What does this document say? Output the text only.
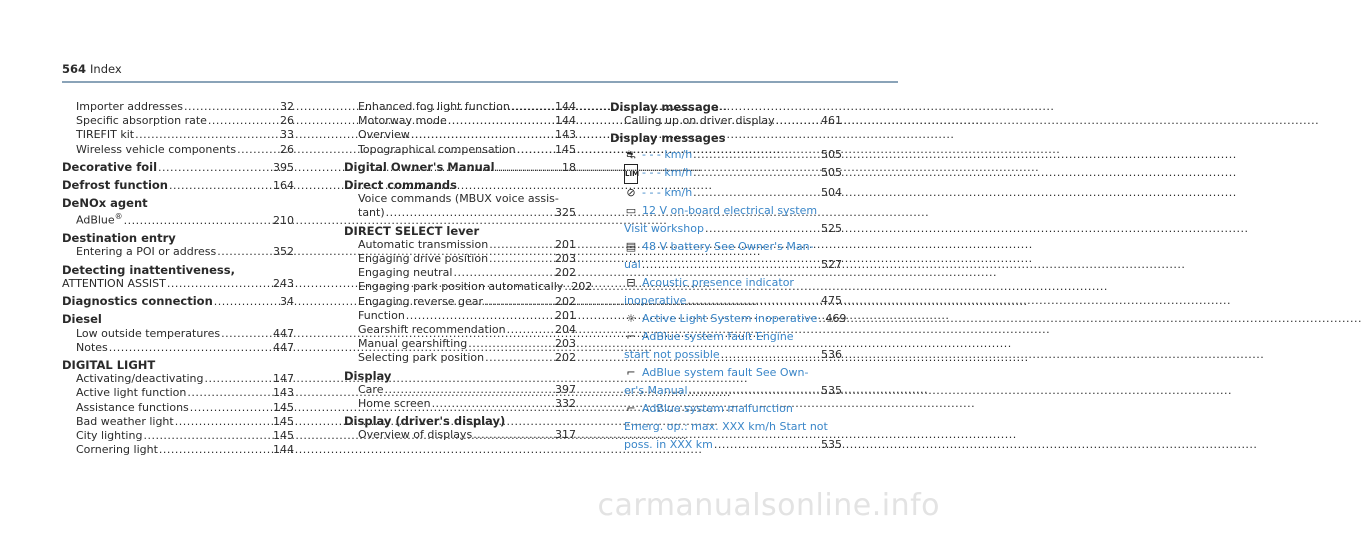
564 Index
Importer addresses .....	32
Specific absorption rate .....	26
TIREFIT kit .....	33
Wireless vehicle components .....	26
Decorative foil .....	395
Defrost function .....	164
DeNOx agent
AdBlue® .....	210
Destination entry
Entering a POI or address .....	352
Detecting inattentiveness,
ATTENTION ASSIST .....	243
Diagnostics connection .....	34
Diesel
Low outside temperatures .....	447
Notes .....	447
DIGITAL LIGHT
Activating/deactivating .....	147
Active light function .....	143
Assistance functions .....	145
Bad weather light .....	145
City lighting .....	145
Cornering light .....	144
Enhanced fog light function .....	144
Motorway mode .....	144
Overview .....	143
Topographical compensation .....	145
Digital Owner's Manual .....	18
Direct commands
Voice commands (MBUX voice assis-
tant) .....	325
DIRECT SELECT lever
Automatic transmission .....	201
Engaging drive position .....	203
Engaging neutral .....	202
Engaging park position automatically ..... 202
Engaging reverse gear .....	202
Function .....	201
Gearshift recommendation .....	204
Manual gearshifting .....	203
Selecting park position .....	202
Display
Care .....	397
Home screen .....	332
Display (driver's display)
Overview of displays .....	317
Display message
Calling up on driver display .....	461
Display messages
⛐ - - - km/h .....	505
LIM - - - km/h .....	505
⊘ - - - km/h .....	504
▭ 12 V on-board electrical system
Visit workshop .....	525
▤ 48 V battery See Owner's Man-
ual .....	527
⊟ Acoustic presence indicator
inoperative .....	475
☼ Active Light System inoperative ..... 469
⌐ AdBlue system fault Engine
start not possible .....	536
⌐ AdBlue system fault See Own-
er's Manual .....	535
⌐ AdBlue system malfunction
Emerg. op.: max. XXX km/h Start not
poss. in XXX km .....	535
carmanualsonline.info
